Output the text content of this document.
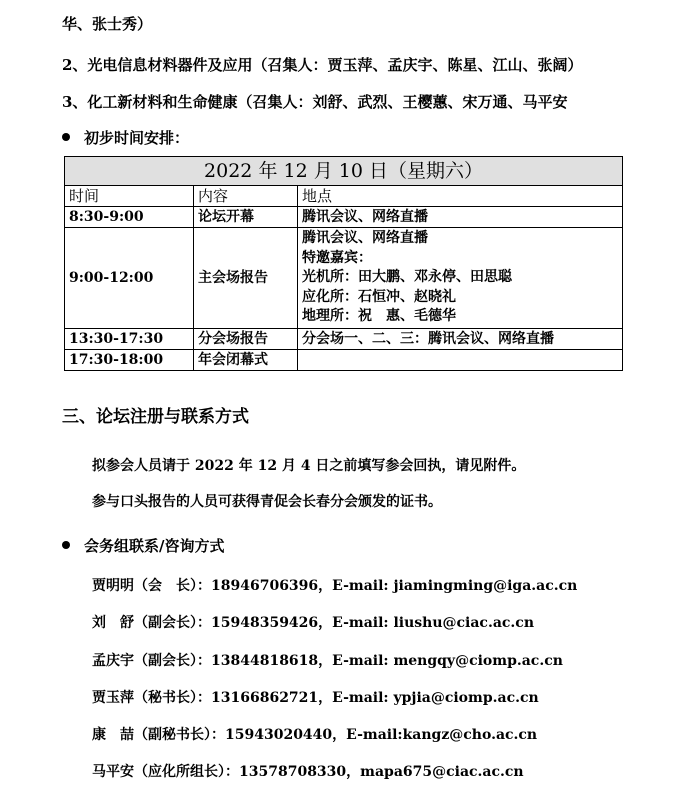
华、张士秀）
2、光电信息材料器件及应用（召集人：贾玉萍、孟庆宇、陈星、江山、张阔）
3、化工新材料和生命健康（召集人：刘舒、武烈、王樱蕙、宋万通、马平安
初步时间安排：
2022 年 12 月 10 日（星期六）		
时间	内容	地点
8:30-9:00	论坛开幕	腾讯会议、网络直播
9:00-12:00	主会场报告	腾讯会议、网络直播
特邀嘉宾：
光机所：田大鹏、邓永停、田思聪
应化所：石恒冲、赵晓礼
地理所：祝　惠、毛德华

13:30-17:30	分会场报告	分会场一、二、三：腾讯会议、网络直播
17:30-18:00	年会闭幕式	
三、论坛注册与联系方式
拟参会人员请于 2022 年 12 月 4 日之前填写参会回执，请见附件。
参与口头报告的人员可获得青促会长春分会颁发的证书。
会务组联系/咨询方式
贾明明（会　长）：18946706396，E-mail: jiamingming@iga.ac.cn
刘　舒（副会长）：15948359426，E-mail: liushu@ciac.ac.cn
孟庆宇（副会长）：13844818618，E-mail: mengqy@ciomp.ac.cn
贾玉萍（秘书长）：13166862721，E-mail: ypjia@ciomp.ac.cn
康　喆（副秘书长）：15943020440，E-mail:kangz@cho.ac.cn
马平安（应化所组长）：13578708330，mapa675@ciac.ac.cn
